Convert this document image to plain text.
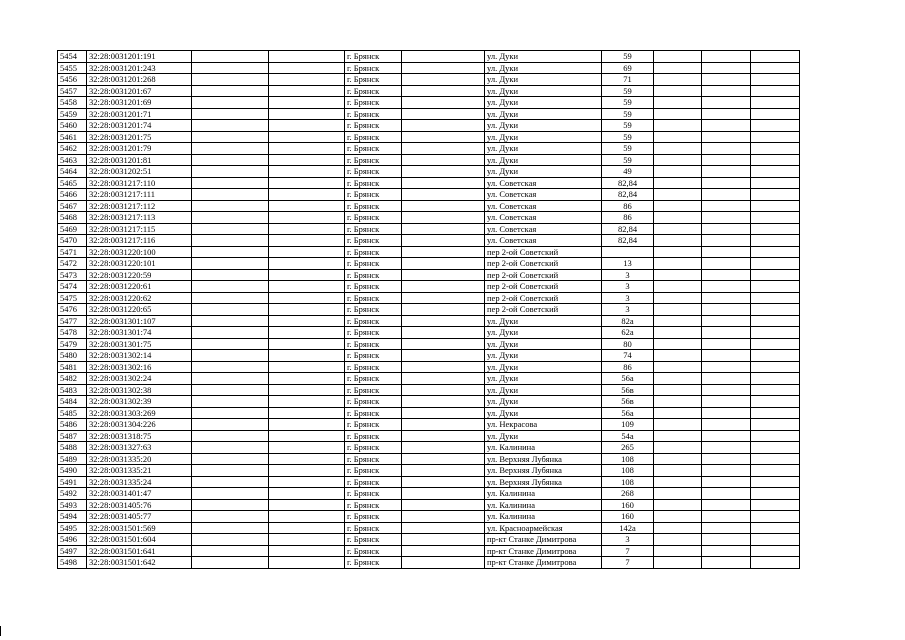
5454	32:28:0031201:191			г. Брянск		ул. Дуки	59			
5455	32:28:0031201:243			г. Брянск		ул. Дуки	69			
5456	32:28:0031201:268			г. Брянск		ул. Дуки	71			
5457	32:28:0031201:67			г. Брянск		ул. Дуки	59			
5458	32:28:0031201:69			г. Брянск		ул. Дуки	59			
5459	32:28:0031201:71			г. Брянск		ул. Дуки	59			
5460	32:28:0031201:74			г. Брянск		ул. Дуки	59			
5461	32:28:0031201:75			г. Брянск		ул. Дуки	59			
5462	32:28:0031201:79			г. Брянск		ул. Дуки	59			
5463	32:28:0031201:81			г. Брянск		ул. Дуки	59			
5464	32:28:0031202:51			г. Брянск		ул. Дуки	49			
5465	32:28:0031217:110			г. Брянск		ул. Советская	82,84			
5466	32:28:0031217:111			г. Брянск		ул. Советская	82,84			
5467	32:28:0031217:112			г. Брянск		ул. Советская	86			
5468	32:28:0031217:113			г. Брянск		ул. Советская	86			
5469	32:28:0031217:115			г. Брянск		ул. Советская	82,84			
5470	32:28:0031217:116			г. Брянск		ул. Советская	82,84			
5471	32:28:0031220:100			г. Брянск		пер 2-ой Советский				
5472	32:28:0031220:101			г. Брянск		пер 2-ой Советский	13			
5473	32:28:0031220:59			г. Брянск		пер 2-ой Советский	3			
5474	32:28:0031220:61			г. Брянск		пер 2-ой Советский	3			
5475	32:28:0031220:62			г. Брянск		пер 2-ой Советский	3			
5476	32:28:0031220:65			г. Брянск		пер 2-ой Советский	3			
5477	32:28:0031301:107			г. Брянск		ул. Дуки	82а			
5478	32:28:0031301:74			г. Брянск		ул. Дуки	62а			
5479	32:28:0031301:75			г. Брянск		ул. Дуки	80			
5480	32:28:0031302:14			г. Брянск		ул. Дуки	74			
5481	32:28:0031302:16			г. Брянск		ул. Дуки	86			
5482	32:28:0031302:24			г. Брянск		ул. Дуки	56а			
5483	32:28:0031302:38			г. Брянск		ул. Дуки	56в			
5484	32:28:0031302:39			г. Брянск		ул. Дуки	56в			
5485	32:28:0031303:269			г. Брянск		ул. Дуки	56а			
5486	32:28:0031304:226			г. Брянск		ул. Некрасова	109			
5487	32:28:0031318:75			г. Брянск		ул. Дуки	54а			
5488	32:28:0031327:63			г. Брянск		ул. Калинина	265			
5489	32:28:0031335:20			г. Брянск		ул. Верхняя Лубянка	108			
5490	32:28:0031335:21			г. Брянск		ул. Верхняя Лубянка	108			
5491	32:28:0031335:24			г. Брянск		ул. Верхняя Лубянка	108			
5492	32:28:0031401:47			г. Брянск		ул. Калинина	268			
5493	32:28:0031405:76			г. Брянск		ул. Калинина	160			
5494	32:28:0031405:77			г. Брянск		ул. Калинина	160			
5495	32:28:0031501:569			г. Брянск		ул. Красноармейская	142а			
5496	32:28:0031501:604			г. Брянск		пр-кт Станке Димитрова	3			
5497	32:28:0031501:641			г. Брянск		пр-кт Станке Димитрова	7			
5498	32:28:0031501:642			г. Брянск		пр-кт Станке Димитрова	7			
